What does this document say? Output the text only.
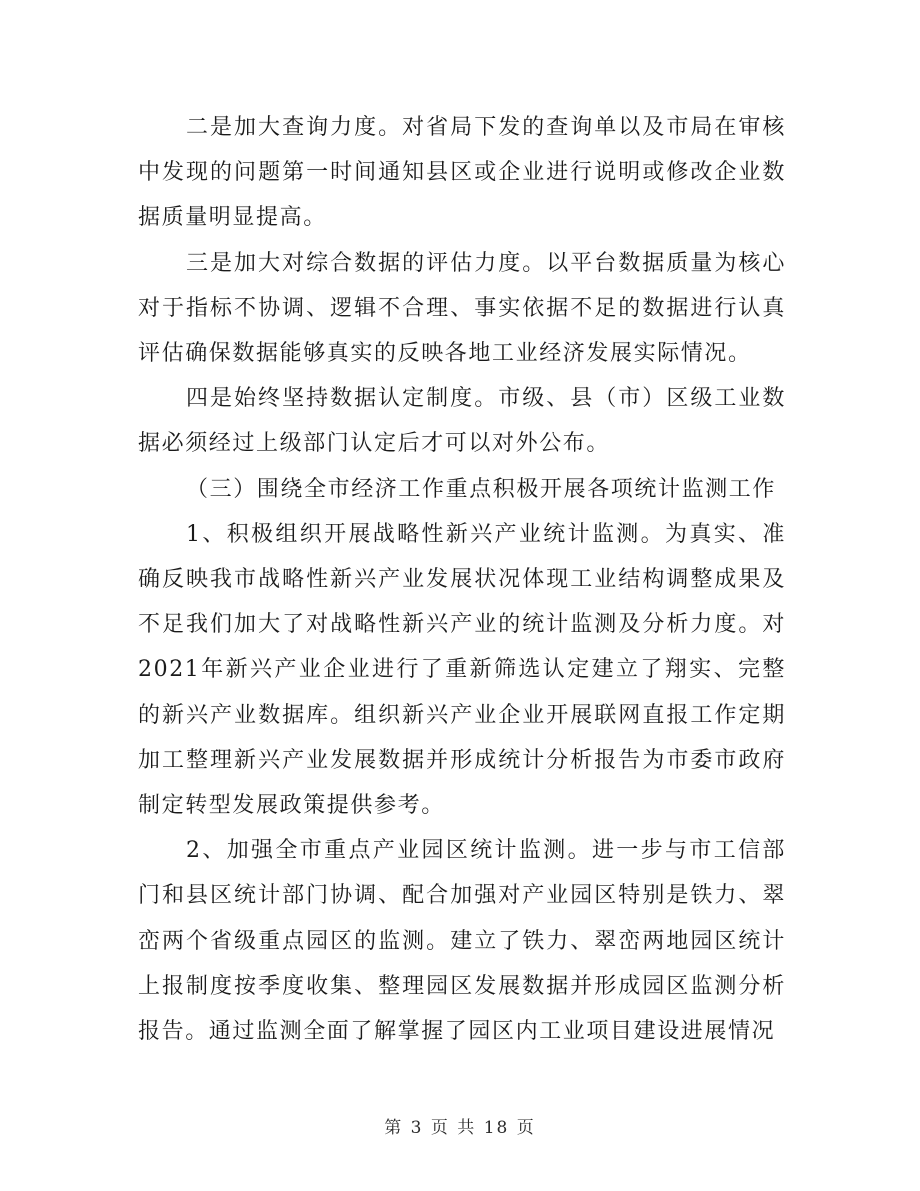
二是加大查询力度。对省局下发的查询单以及市局在审核中发现的问题第一时间通知县区或企业进行说明或修改企业数据质量明显提高。

三是加大对综合数据的评估力度。以平台数据质量为核心对于指标不协调、逻辑不合理、事实依据不足的数据进行认真评估确保数据能够真实的反映各地工业经济发展实际情况。

四是始终坚持数据认定制度。市级、县（市）区级工业数据必须经过上级部门认定后才可以对外公布。

（三）围绕全市经济工作重点积极开展各项统计监测工作

1、积极组织开展战略性新兴产业统计监测。为真实、准确反映我市战略性新兴产业发展状况体现工业结构调整成果及不足我们加大了对战略性新兴产业的统计监测及分析力度。对2021年新兴产业企业进行了重新筛选认定建立了翔实、完整的新兴产业数据库。组织新兴产业企业开展联网直报工作定期加工整理新兴产业发展数据并形成统计分析报告为市委市政府制定转型发展政策提供参考。

2、加强全市重点产业园区统计监测。进一步与市工信部门和县区统计部门协调、配合加强对产业园区特别是铁力、翠峦两个省级重点园区的监测。建立了铁力、翠峦两地园区统计上报制度按季度收集、整理园区发展数据并形成园区监测分析报告。通过监测全面了解掌握了园区内工业项目建设进展情况

第 3 页 共 18 页
